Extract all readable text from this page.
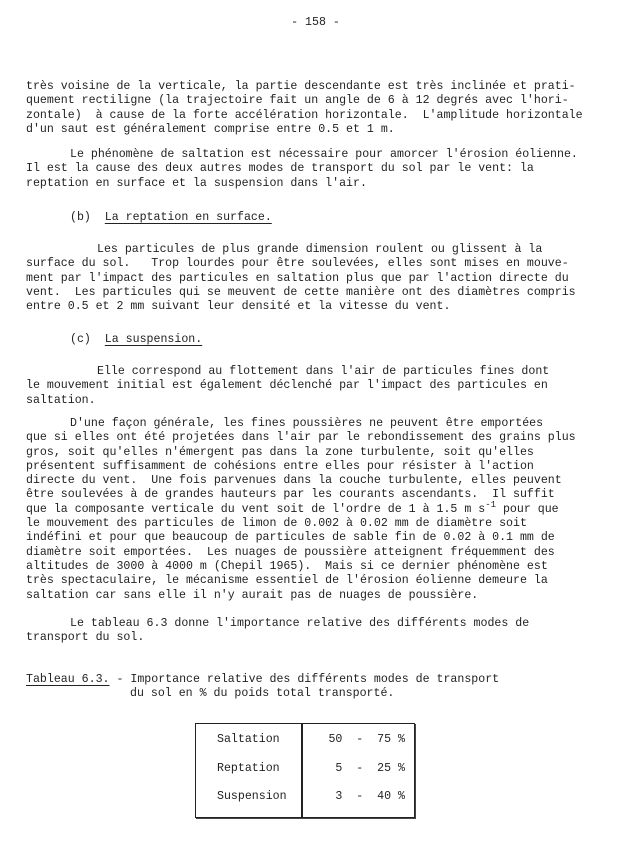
- 158 -
très voisine de la verticale, la partie descendante est très inclinée et prati-
quement rectiligne (la trajectoire fait un angle de 6 à 12 degrés avec l'hori-
zontale)  à cause de la forte accélération horizontale.  L'amplitude horizontale
d'un saut est généralement comprise entre 0.5 et 1 m.
Le phénomène de saltation est nécessaire pour amorcer l'érosion éolienne.
Il est la cause des deux autres modes de transport du sol par le vent: la
reptation en surface et la suspension dans l'air.
(b) La reptation en surface.
Les particules de plus grande dimension roulent ou glissent à la
surface du sol.   Trop lourdes pour être soulevées, elles sont mises en mouve-
ment par l'impact des particules en saltation plus que par l'action directe du
vent.  Les particules qui se meuvent de cette manière ont des diamètres compris
entre 0.5 et 2 mm suivant leur densité et la vitesse du vent.
(c) La suspension.
Elle correspond au flottement dans l'air de particules fines dont
le mouvement initial est également déclenché par l'impact des particules en
saltation.
D'une façon générale, les fines poussières ne peuvent être emportées
que si elles ont été projetées dans l'air par le rebondissement des grains plus
gros, soit qu'elles n'émergent pas dans la zone turbulente, soit qu'elles
présentent suffisamment de cohésions entre elles pour résister à l'action
directe du vent.  Une fois parvenues dans la couche turbulente, elles peuvent
être soulevées à de grandes hauteurs par les courants ascendants.  Il suffit
que la composante verticale du vent soit de l'ordre de 1 à 1.5 m $s^{-1}$ pour que
le mouvement des particules de limon de 0.002 à 0.02 mm de diamètre soit
indéfini et pour que beaucoup de particules de sable fin de 0.02 à 0.1 mm de
diamètre soit emportées.  Les nuages de poussière atteignent fréquemment des
altitudes de 3000 à 4000 m (Chepil 1965).  Mais si ce dernier phénomène est
très spectaculaire, le mécanisme essentiel de l'érosion éolienne demeure la
saltation car sans elle il n'y aurait pas de nuages de poussière.
Le tableau 6.3 donne l'importance relative des différents modes de
transport du sol.
Tableau 6.3. - Importance relative des différents modes de transport
du sol en % du poids total transporté.
Saltation	50  -  75 %
Reptation	5  -  25 %
Suspension	3  -  40 %
